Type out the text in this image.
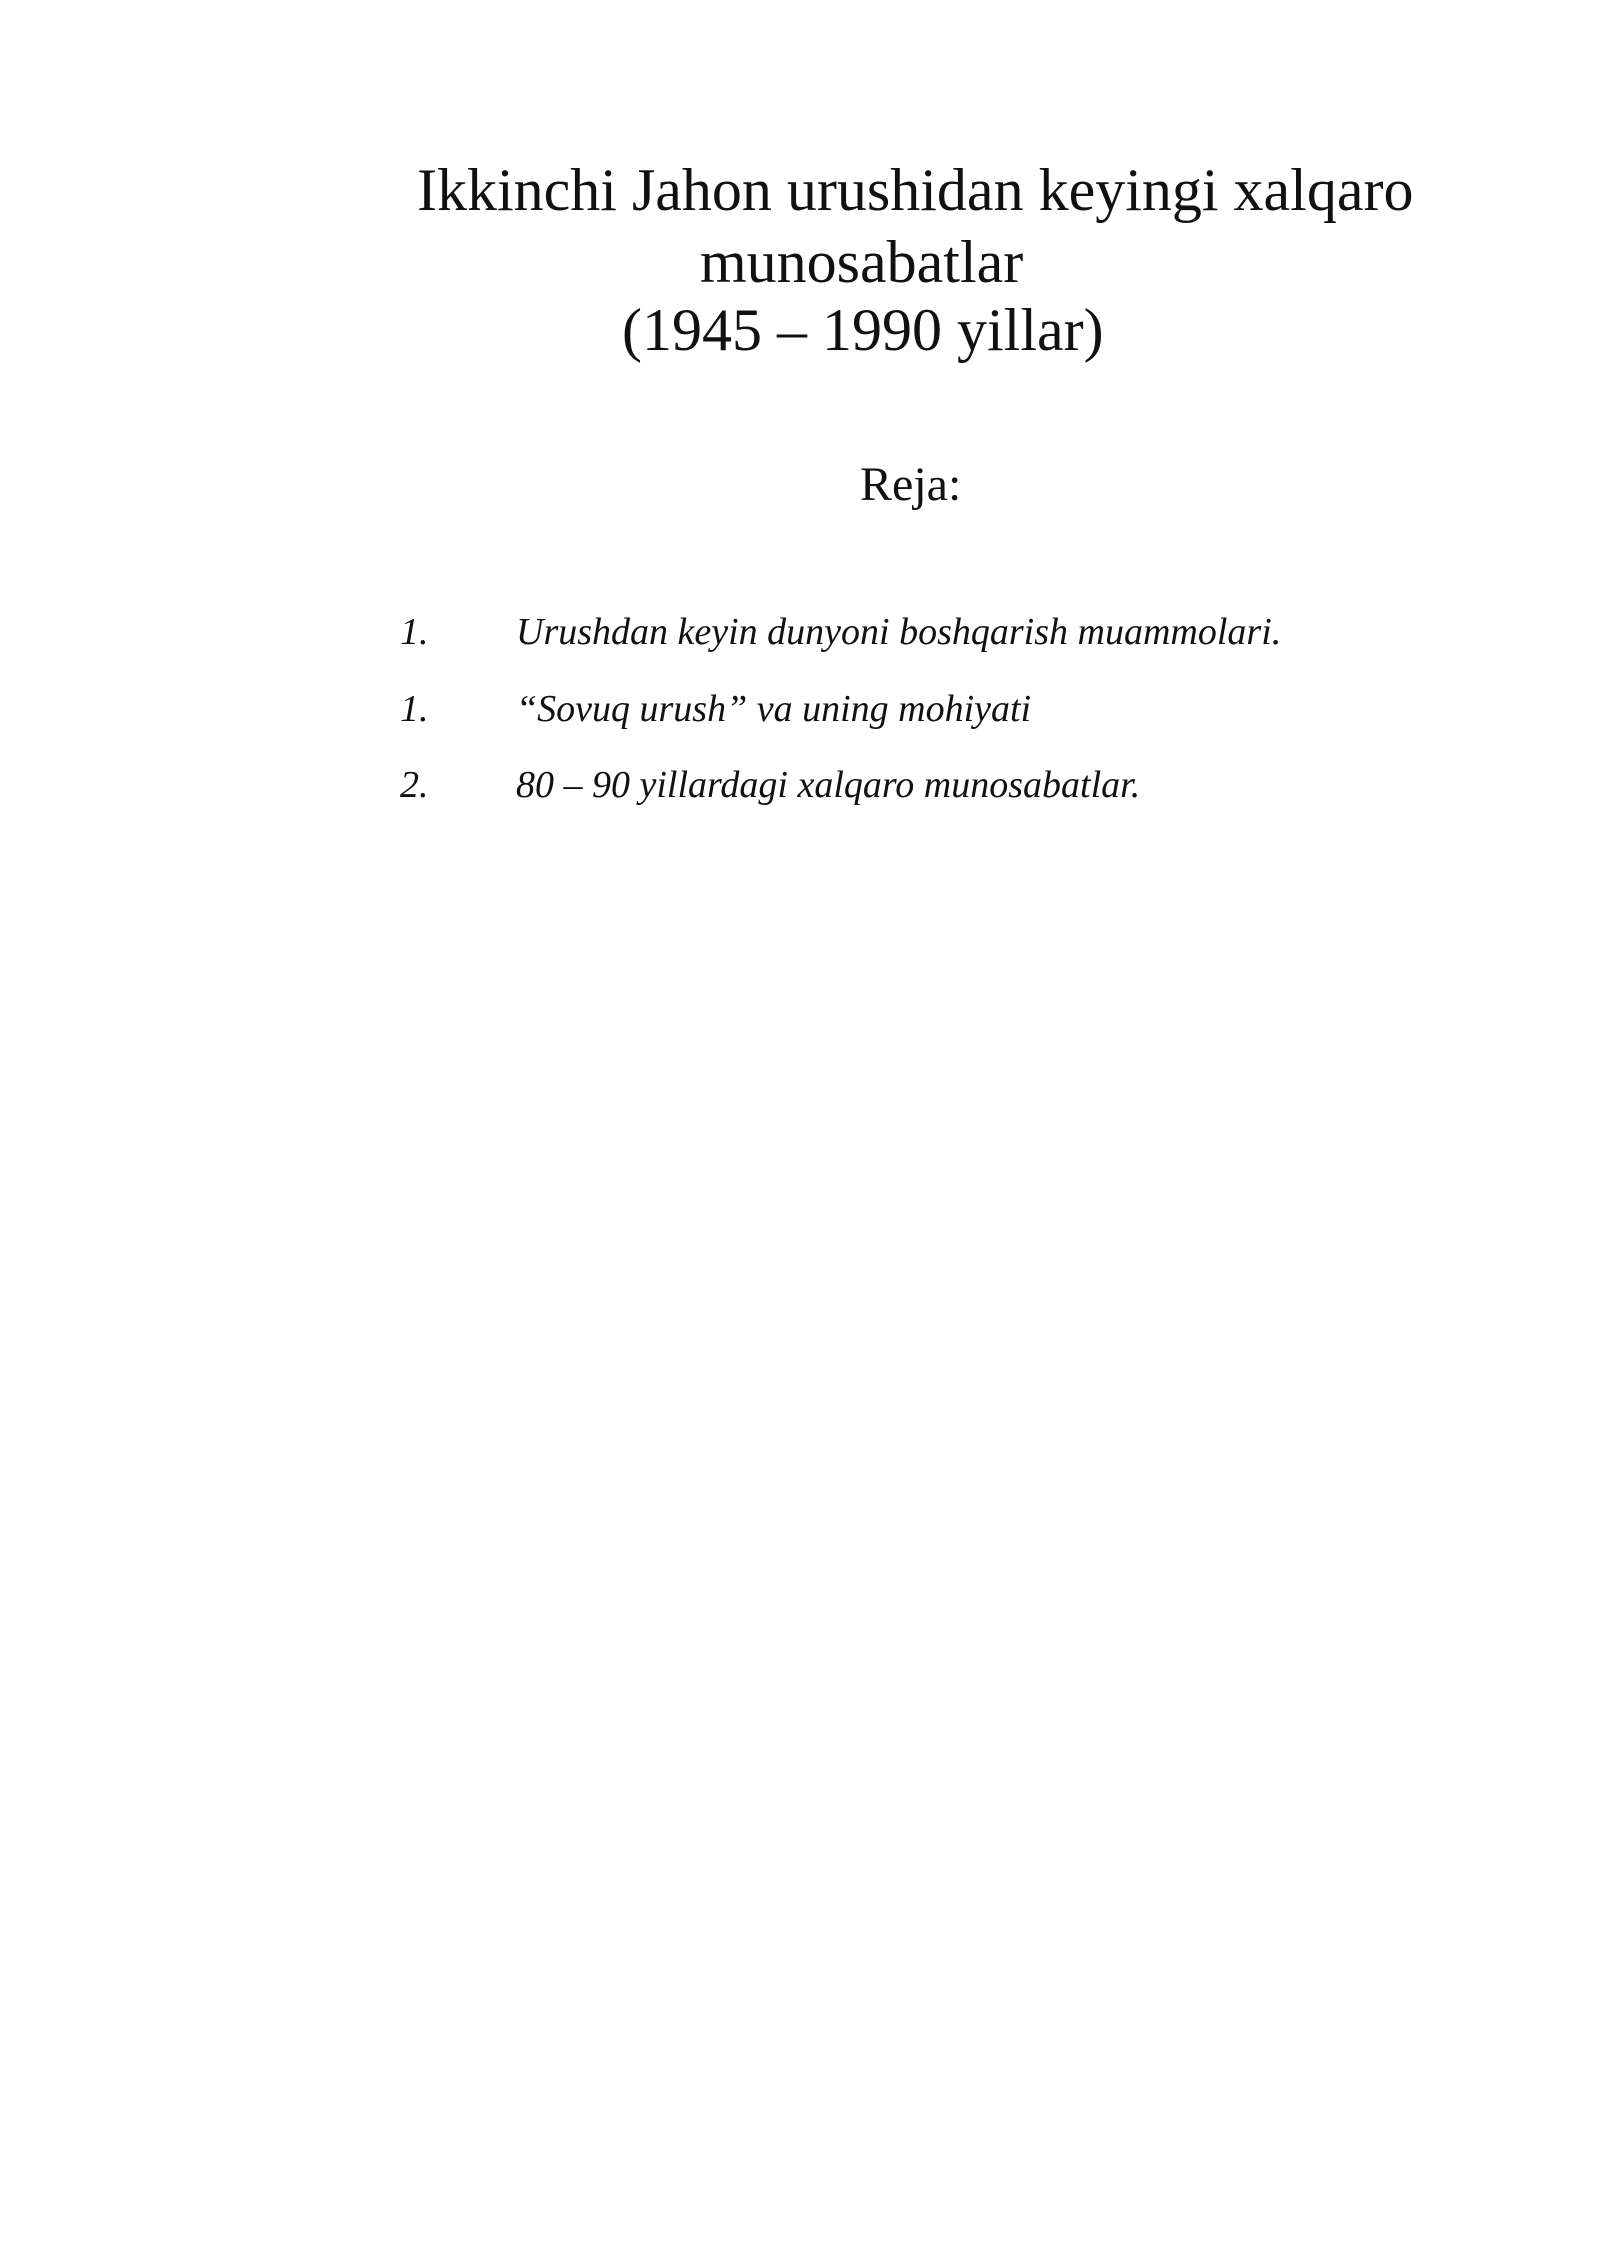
Ikkinchi Jahon urushidan keyingi xalqaro
munosabatlar
(1945 – 1990 yillar)
Reja:
1. Urushdan keyin dunyoni boshqarish muammolari.
1. “Sovuq urush” va uning mohiyati
2. 80 – 90 yillardagi xalqaro munosabatlar.
